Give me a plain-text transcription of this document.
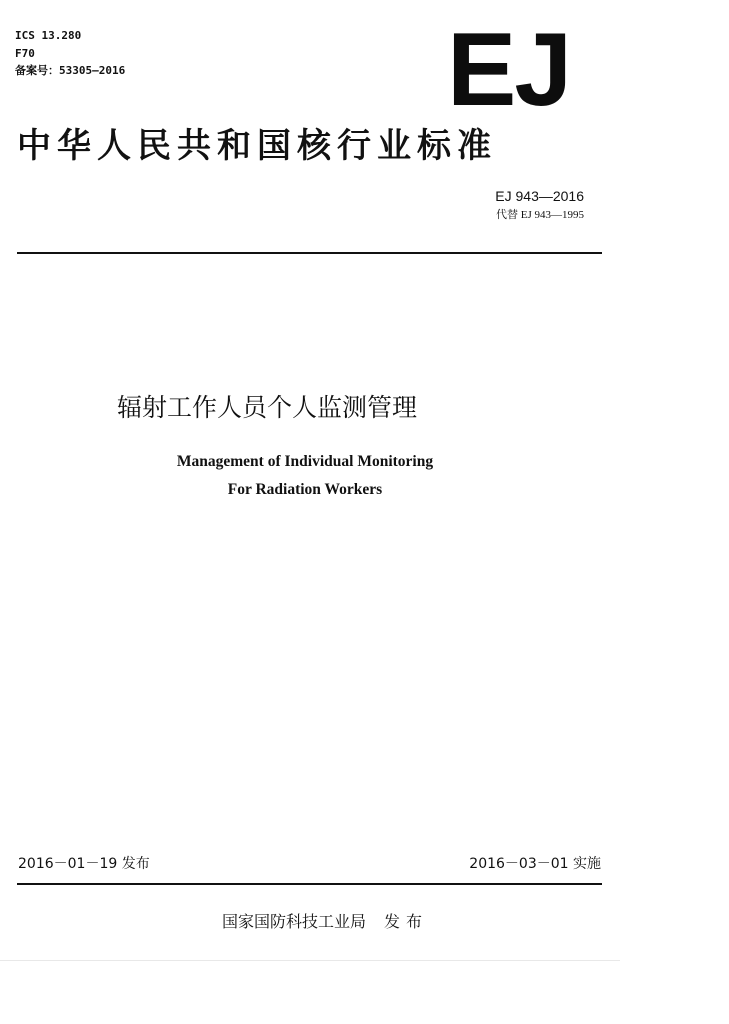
ICS 13.280
F70
备案号：53305—2016	EJ
中华人民共和国核行业标准
EJ 943—2016
代替 EJ 943—1995
辐射工作人员个人监测管理
Management of Individual Monitoring
For Radiation Workers
2016－01－19 发布	2016－03－01 实施
国家国防科技工业局 发布
